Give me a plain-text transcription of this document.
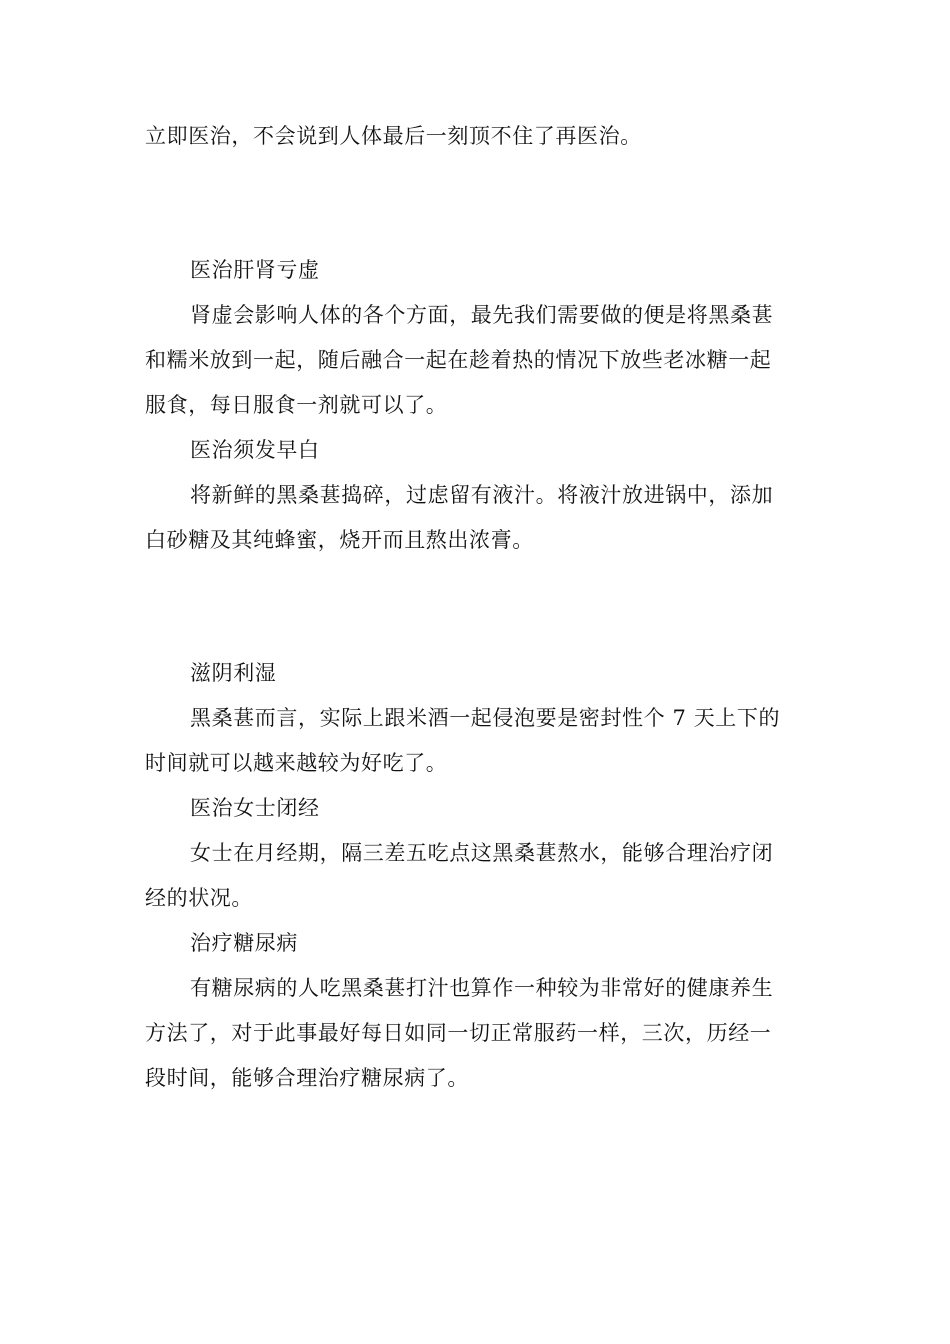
立即医治，不会说到人体最后一刻顶不住了再医治。
医治肝肾亏虚
肾虚会影响人体的各个方面，最先我们需要做的便是将黑桑葚
和糯米放到一起，随后融合一起在趁着热的情况下放些老冰糖一起
服食，每日服食一剂就可以了。
医治须发早白
将新鲜的黑桑葚捣碎，过虑留有液汁。将液汁放进锅中，添加
白砂糖及其纯蜂蜜，烧开而且熬出浓膏。
滋阴利湿
黑桑葚而言，实际上跟米酒一起侵泡要是密封性个 7 天上下的
时间就可以越来越较为好吃了。
医治女士闭经
女士在月经期，隔三差五吃点这黑桑葚熬水，能够合理治疗闭
经的状况。
治疗糖尿病
有糖尿病的人吃黑桑葚打汁也算作一种较为非常好的健康养生
方法了，对于此事最好每日如同一切正常服药一样，三次，历经一
段时间，能够合理治疗糖尿病了。
